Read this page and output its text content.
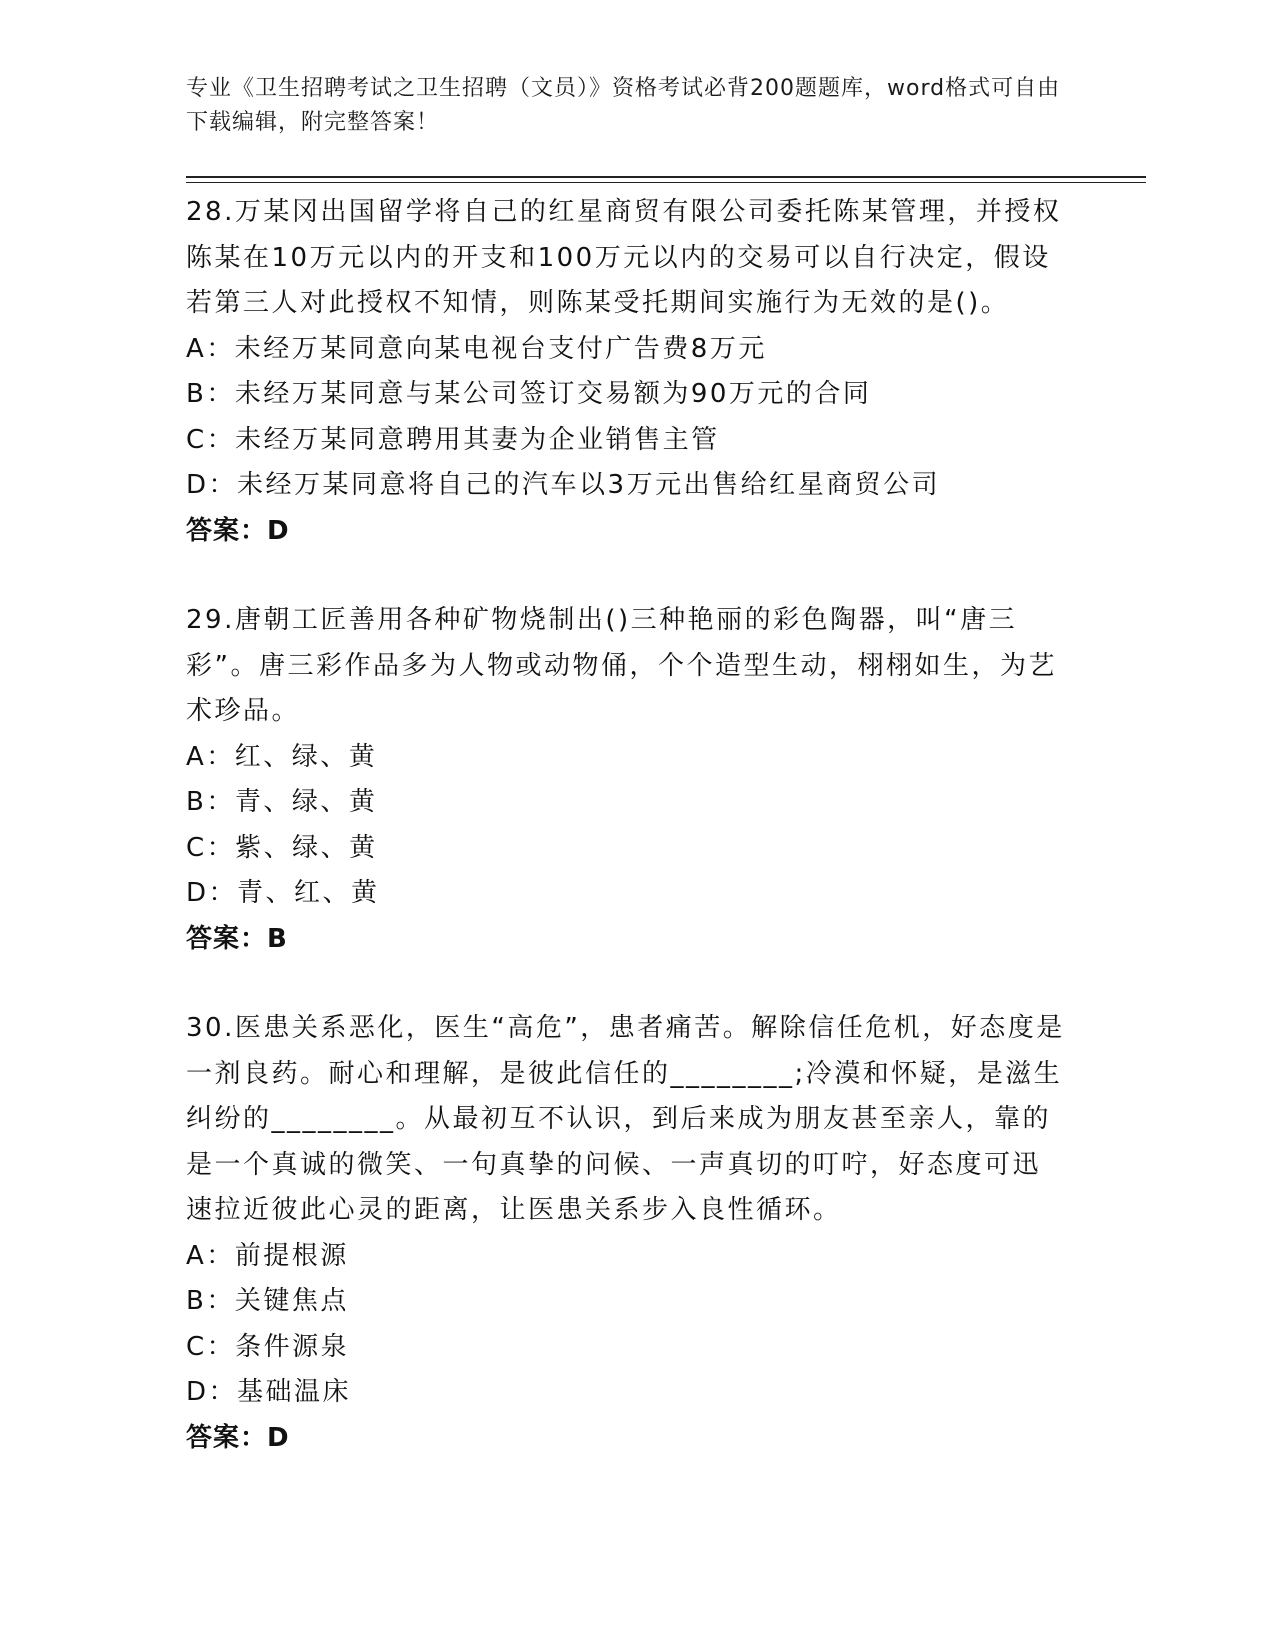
专业《卫生招聘考试之卫生招聘（文员）》资格考试必背200题题库，word格式可自由下载编辑，附完整答案！

28.万某冈出国留学将自己的红星商贸有限公司委托陈某管理，并授权陈某在10万元以内的开支和100万元以内的交易可以自行决定，假设若第三人对此授权不知情，则陈某受托期间实施行为无效的是()。

A：未经万某同意向某电视台支付广告费8万元

B：未经万某同意与某公司签订交易额为90万元的合同

C：未经万某同意聘用其妻为企业销售主管

D：未经万某同意将自己的汽车以3万元出售给红星商贸公司

答案：D

29.唐朝工匠善用各种矿物烧制出()三种艳丽的彩色陶器，叫“唐三彩”。唐三彩作品多为人物或动物俑，个个造型生动，栩栩如生，为艺术珍品。

A：红、绿、黄

B：青、绿、黄

C：紫、绿、黄

D：青、红、黄

答案：B

30.医患关系恶化，医生“高危”，患者痛苦。解除信任危机，好态度是一剂良药。耐心和理解，是彼此信任的________;冷漠和怀疑，是滋生纠纷的________。从最初互不认识，到后来成为朋友甚至亲人，靠的是一个真诚的微笑、一句真挚的问候、一声真切的叮咛，好态度可迅速拉近彼此心灵的距离，让医患关系步入良性循环。

A：前提根源

B：关键焦点

C：条件源泉

D：基础温床

答案：D
